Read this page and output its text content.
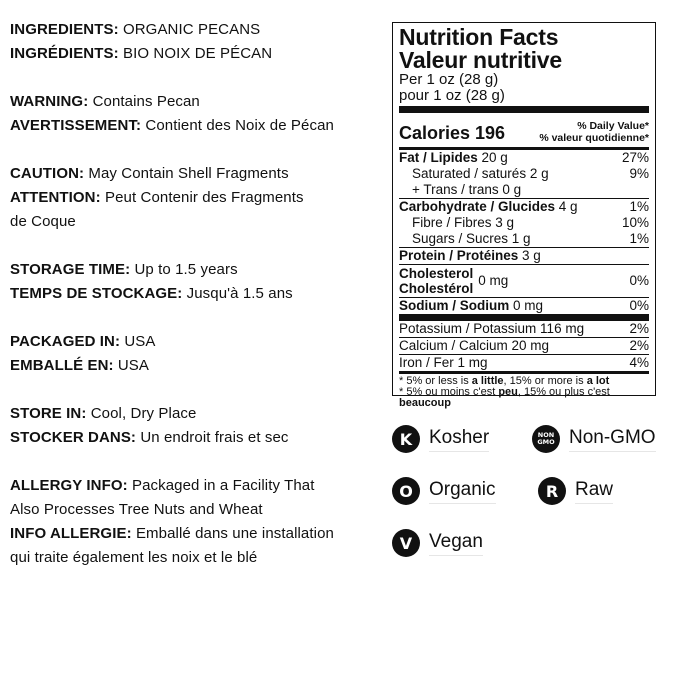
INGREDIENTS: ORGANIC PECANS
INGRÉDIENTS: BIO NOIX DE PÉCAN
WARNING: Contains Pecan
AVERTISSEMENT: Contient des Noix de Pécan
CAUTION: May Contain Shell Fragments
ATTENTION: Peut Contenir des Fragments
de Coque
STORAGE TIME: Up to 1.5 years
TEMPS DE STOCKAGE: Jusqu'à 1.5 ans
PACKAGED IN: USA
EMBALLÉ EN: USA
STORE IN: Cool, Dry Place
STOCKER DANS: Un endroit frais et sec
ALLERGY INFO: Packaged in a Facility That
Also Processes Tree Nuts and Wheat
INFO ALLERGIE: Emballé dans une installation
qui traite également les noix et le blé
Nutrition Facts
Valeur nutritive
Per 1 oz (28 g)
pour 1 oz (28 g)
Calories 196	% Daily Value*
% valeur quotidienne*
Fat / Lipides 20 g	27%
Saturated / saturés 2 g	9%
+ Trans / trans 0 g
Carbohydrate / Glucides 4 g	1%
Fibre / Fibres 3 g	10%
Sugars / Sucres 1 g	1%
Protein / Protéines 3 g
Cholesterol
Cholestérol
0 mg	0%
Sodium / Sodium 0 mg	0%
Potassium / Potassium 116 mg	2%
Calcium / Calcium 20 mg	2%
Iron / Fer 1 mg	4%
* 5% or less is a little, 15% or more is a lot
* 5% ou moins c'est peu, 15% ou plus c'est beaucoup
K Kosher	NON
GMO Non-GMO
O Organic	R Raw
V Vegan
